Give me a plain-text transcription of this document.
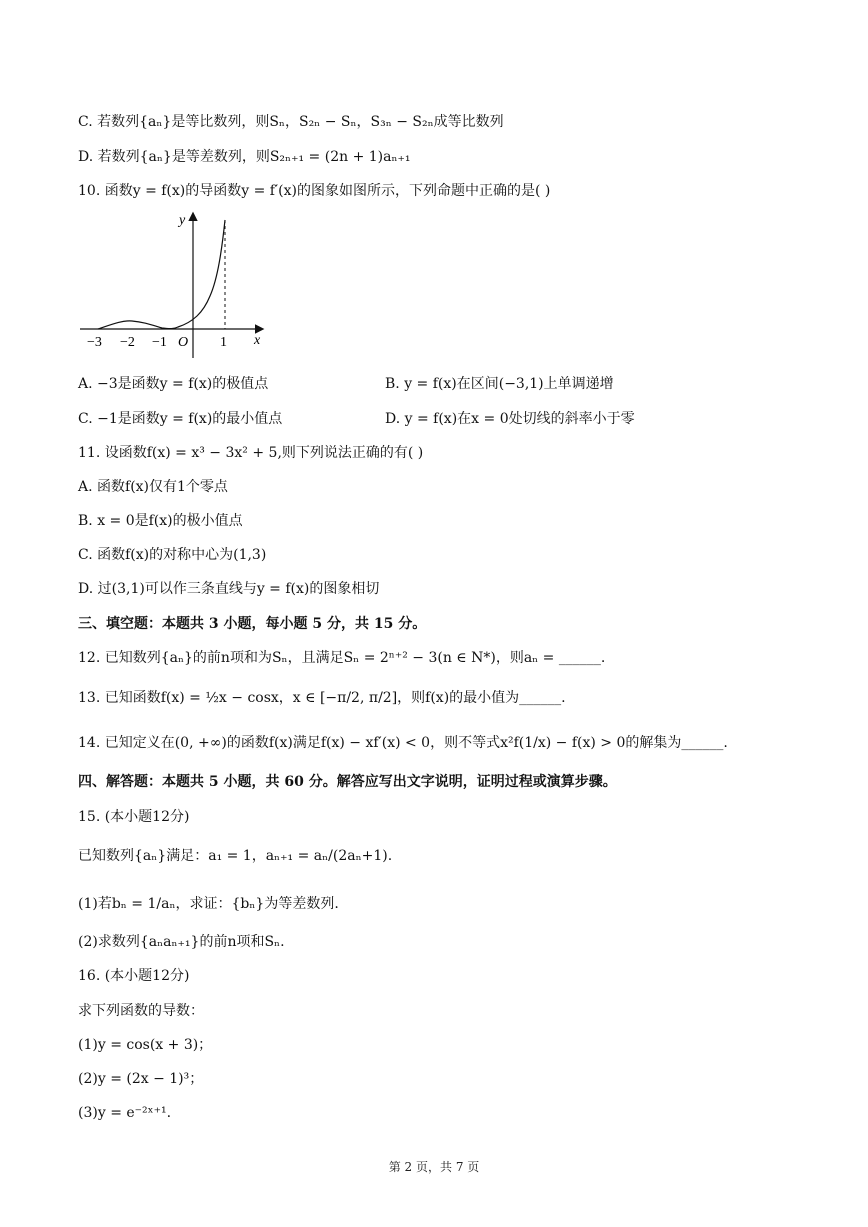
C. 若数列{aₙ}是等比数列，则Sₙ，S₂ₙ − Sₙ，S₃ₙ − S₂ₙ成等比数列
D. 若数列{aₙ}是等差数列，则S₂ₙ₊₁ = (2n + 1)aₙ₊₁
10. 函数y = f(x)的导函数y = f′(x)的图象如图所示，下列命题中正确的是( )
y
x
O
−3 −2 −1	1
A. −3是函数y = f(x)的极值点	B. y = f(x)在区间(−3,1)上单调递增
C. −1是函数y = f(x)的最小值点	D. y = f(x)在x = 0处切线的斜率小于零
11. 设函数f(x) = x³ − 3x² + 5,则下列说法正确的有( )
A. 函数f(x)仅有1个零点
B. x = 0是f(x)的极小值点
C. 函数f(x)的对称中心为(1,3)
D. 过(3,1)可以作三条直线与y = f(x)的图象相切
三、填空题：本题共 3 小题，每小题 5 分，共 15 分。
12. 已知数列{aₙ}的前n项和为Sₙ，且满足Sₙ = 2ⁿ⁺² − 3(n ∈ N*)，则aₙ = ______.
13. 已知函数f(x) = ½x − cosx，x ∈ [−π/2, π/2]，则f(x)的最小值为______.
14. 已知定义在(0, +∞)的函数f(x)满足f(x) − xf′(x) < 0，则不等式x²f(1/x) − f(x) > 0的解集为______.
四、解答题：本题共 5 小题，共 60 分。解答应写出文字说明，证明过程或演算步骤。
15. (本小题12分)
已知数列{aₙ}满足：a₁ = 1，aₙ₊₁ = aₙ/(2aₙ+1).
(1)若bₙ = 1/aₙ，求证：{bₙ}为等差数列.
(2)求数列{aₙaₙ₊₁}的前n项和Sₙ.
16. (本小题12分)
求下列函数的导数：
(1)y = cos(x + 3)；
(2)y = (2x − 1)³；
(3)y = e⁻²ˣ⁺¹.
第 2 页，共 7 页
